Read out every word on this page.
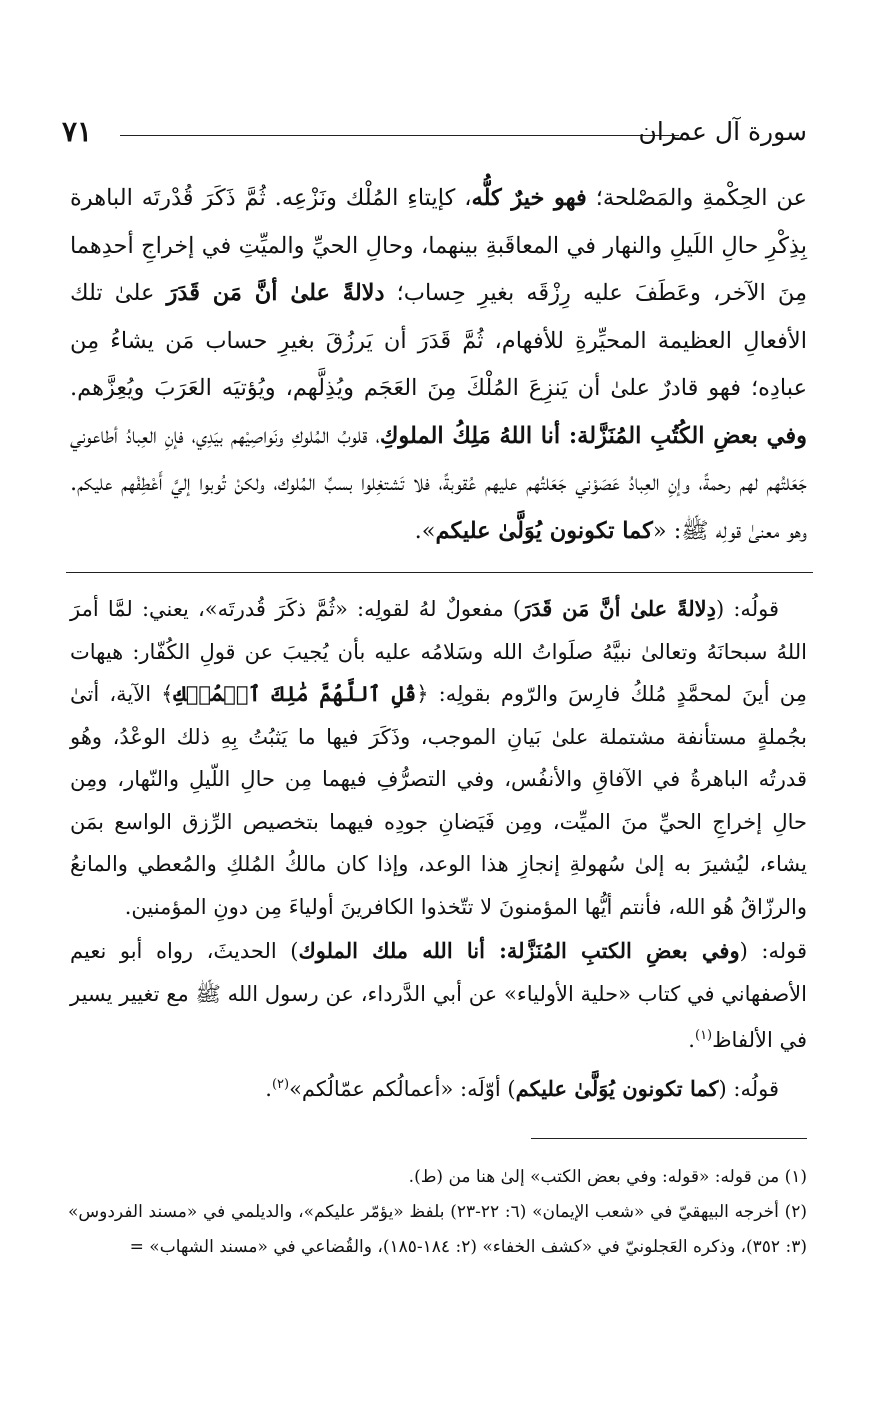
٧١	سورة آل عمران

عن الحِكْمةِ والمَصْلحة؛ فهو خيرٌ كلُّه، كإيتاءِ المُلْك ونَزْعِه. ثُمَّ ذَكَرَ قُدْرتَه الباهرة بِذِكْرِ حالِ اللَيلِ والنهار في المعاقَبةِ بينهما، وحالِ الحيِّ والميِّتِ في إخراجِ أحدِهما مِنَ الآخر، وعَطَفَ عليه رِزْقَه بغيرِ حِساب؛ دلالةً علىٰ أنَّ مَن قَدَرَ علىٰ تلك الأفعالِ العظيمة المحيِّرةِ للأفهام، ثُمَّ قَدَرَ أن يَرزُقَ بغيرِ حساب مَن يشاءُ مِن عبادِه؛ فهو قادرٌ علىٰ أن يَنزِعَ المُلْكَ مِنَ العَجَم ويُذِلَّهم، ويُؤتيَه العَرَبَ ويُعِزَّهم. وفي بعضِ الكُتُبِ المُنَزَّلة: أنا اللهُ مَلِكُ الملوكِ، قلوبُ المُلوكِ ونَواصِيْهم بيَدِي، فإنِ العِبادُ أطاعوني جَعَلتُهم لهم رحمةً، وإنِ العِبادُ عَصَوْني جَعَلتُهم عليهم عُقوبةً، فلا تَشتغِلوا بسبِّ المُلوك، ولكنْ تُوبوا إليَّ أَعْطِفْهم عليكم. وهو معنىٰ قولِه ﷺ: «كما تكونون يُوَلَّىٰ عليكم».

قولُه: (دِلالةً علىٰ أنَّ مَن قَدَرَ) مفعولٌ لهُ لقولِه: «ثُمَّ ذكَرَ قُدرتَه»، يعني: لمَّا أمرَ اللهُ سبحانَهُ وتعالىٰ نبيَّهُ صلَواتُ الله وسَلامُه عليه بأن يُجيبَ عن قولِ الكُفّار: هيهات مِن أينَ لمحمَّدٍ مُلكُ فارِسَ والرّوم بقولِه: ﴿قُلِ ٱللَّهُمَّ مَٰلِكَ ٱلۡمُلۡكِ﴾ الآية، أتىٰ بجُملةٍ مستأنفة مشتملة علىٰ بَيانِ الموجب، وذَكَرَ فيها ما يَثبُتُ بِهِ ذلك الوعْدُ، وهُو قدرتُه الباهرةُ في الآفاقِ والأنفُس، وفي التصرُّفِ فيهما مِن حالِ اللّيلِ والنّهار، ومِن حالِ إخراجِ الحيِّ منَ الميِّت، ومِن فَيَضانِ جودِه فيهما بتخصيص الرِّزق الواسع بمَن يشاء، ليُشيرَ به إلىٰ سُهولةِ إنجازِ هذا الوعد، وإذا كان مالكُ المُلكِ والمُعطي والمانعُ والرزّاقُ هُو الله، فأنتم أيُّها المؤمنونَ لا تتّخذوا الكافرينَ أولياءَ مِن دونِ المؤمنين.

قوله: (وفي بعضِ الكتبِ المُنَزَّلة: أنا الله ملك الملوك) الحديثَ، رواه أبو نعيم الأصفهاني في كتاب «حلية الأولياء» عن أبي الدَّرداء، عن رسول الله ﷺ مع تغيير يسير في الألفاظ$^{(١)}$.

قولُه: (كما تكونون يُوَلَّىٰ عليكم) أوّلَه: «أعمالُكم عمّالُكم»$^{(٢)}$.

(١) من قوله: «قوله: وفي بعض الكتب» إلىٰ هنا من (ط).

(٢) أخرجه البيهقيّ في «شعب الإيمان» (٦: ٢٢-٢٣) بلفظ «يؤمّر عليكم»، والديلمي في «مسند الفردوس» (٣: ٣٥٢)، وذكره العَجلونيّ في «كشف الخفاء» (٢: ١٨٤-١٨٥)، والقُضاعي في «مسند الشهاب» =
